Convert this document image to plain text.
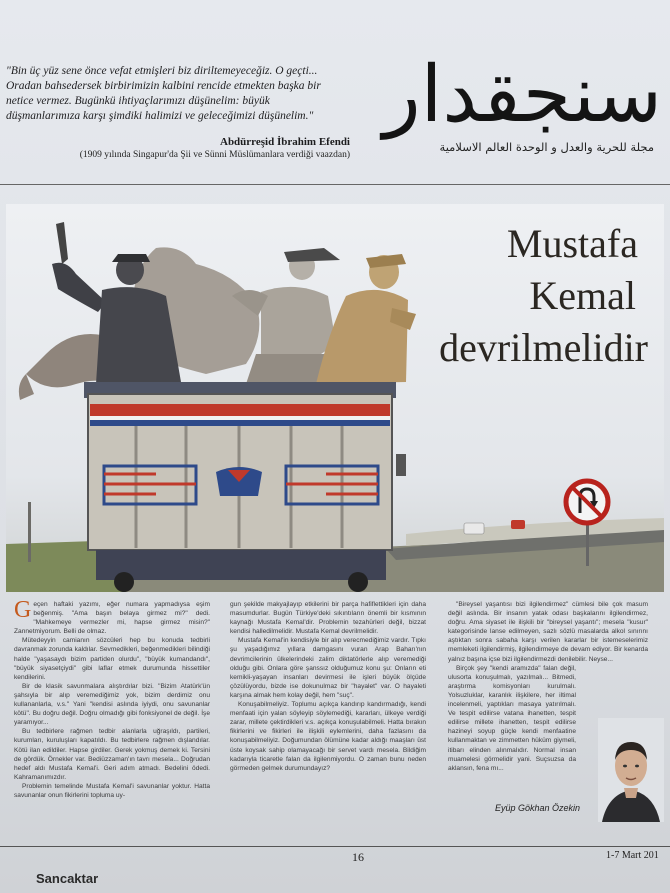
"Bin üç yüz sene önce vefat etmişleri biz diriltemeyeceğiz. O geçti... Oradan bahsedersek birbirimizin kalbini rencide etmekten başka bir netice vermez. Bugünkü ihtiyaçlarımızı düşünelim: büyük düşmanlarımıza karşı şimdiki halimizi ve geleceğimizi düşünelim."
Abdürreşid İbrahim Efendi
(1909 yılında Singapur'da Şii ve Sünni Müslümanlara verdiği vaazdan)
سنجقدار
مجلة للحرية والعدل و الوحدة العالم الاسلامية
Mustafa
Kemal
devrilmelidir
G eçen haftaki yazımı, eğer numara yapmadıysa eşim beğenmiş. "Ama başın belaya girmez mi?" dedi. "Mahkemeye vermezler mi, hapse girmez misin?" Zannetmiyorum. Belli de olmaz.

Mütedeyyin camianın sözcüleri hep bu konuda tedbirli davranmak zorunda kaldılar. Sevmedikleri, beğenmedikleri bilindiği halde "yaşasaydı bizim partiden olurdu", "büyük kumandandı", "büyük siyasetçiydi" gibi laflar etmek durumunda hissettiler kendilerini.

Bir de klasik savunmalara alıştırdılar bizi. "Bizim Atatürk'ün şahsıyla bir alıp veremediğimiz yok, bizim derdimiz onu kullananlarla, v.s." Yani "kendisi aslında iyiydi, onu savunanlar kötü". Bu doğru değil. Doğru olmadığı gibi fonksiyonel de değil. İşe yaramıyor...

Bu tedbirlere rağmen tedbir alanlarla uğraşıldı, partileri, kurumları, kuruluşları kapatıldı. Bu tedbirlere rağmen dışlandılar. Kötü ilan edildiler. Hapse girdiler. Gerek yokmuş demek ki. Tersini de gördük. Örnekler var. Bediüzzaman'ın tavrı mesela... Doğrudan hedef aldı Mustafa Kemal'i. Geri adım atmadı. Bedelini ödedi. Kahramanımızdır.

Problemin temelinde Mustafa Kemal'i savunanlar yoktur. Hatta savunanlar onun fikirlerini topluma uy-

gun şekilde makyajlayıp etkilerini bir parça hafiflettikleri için daha masumdurlar. Bugün Türkiye'deki sıkıntıların önemli bir kısmının kaynağı Mustafa Kemal'dir. Problemin tezahürleri değil, bizzat kendisi halledilmelidir. Mustafa Kemal devrilmelidir.

Mustafa Kemal'in kendisiyle bir alıp verecmediğimiz vardır. Tıpkı şu yaşadığımız yıllara damgasını vuran Arap Baharı'nın devrimcilerinin ülkelerindeki zalim diktatörlerle alıp veremediği olduğu gibi. Onlara göre şanssız olduğumuz konu şu: Onların eti kemikli-yaşayan insanları devirmesi ile işleri büyük ölçüde çözülüyordu, bizde ise dokunulmaz bir "hayalet" var. O hayaleti karşına almak hem kolay değil, hem "suç".

Konuşabilmeliyiz. Toplumu açıkça kandırıp kandırmadığı, kendi menfaati için yalan söyleyip söylemediği, kararları, ülkeye verdiği zarar, millete çektirdikleri v.s. açıkça konuşulabilmeli. Hatta bırakın fikirlerini ve fikirleri ile ilişkili eylemlerini, daha fazlasını da konuşabilmeliyiz. Doğumundan ölümüne kadar aldığı maaşları üst üste koysak sahip olamayacağı bir servet vardı mesela. Bildiğim kadarıyla ticaretle falan da ilgilenmiyordu. O zaman bunu neden görmeden gelmek durumundayız?

"Bireysel yaşantısı bizi ilgilendirmez" cümlesi bile çok masum değil aslında. Bir insanın yatak odası başkalarını ilgilendirmez, doğru. Ama siyaset ile ilişkili bir "bireysel yaşantı"; mesela "kusur" kategorisinde lanse edilmeyen, sazlı sözlü masalarda alkol sınırını aştıktan sonra sabaha karşı verilen kararlar bir istemeselerimiz memleketi ilgilendirmiş, ilgilendirmeye de devam ediyor. Bir kenarda yalnız başına içse bizi ilgilendirmezdi denilebilir. Neyse...

Birçok şey "kendi aramızda" falan değil, ulusorta konuşulmalı, yazılmalı... Bitmedi, araştırma komisyonları kurulmalı. Yolsuzluklar, karanlık ilişkilere, her iltimal incelenmeli, yaptıkları masaya yatırılmalı. Ve tespit edilirse vatana ihanetten, tespit edilirse millete ihanetten, tespit edilirse hazineyi soyup güçle kendi menfaatine kullanmaktan ve zimmetten hüküm giymeli, itibarı elinden alınmalıdır. Normal insan muamelesi görmelidir yani. Suçsuzsa da aklansın, fena mı...

Eyüp Gökhan Özekin
16	1-7 Mart 201
Sancaktar
